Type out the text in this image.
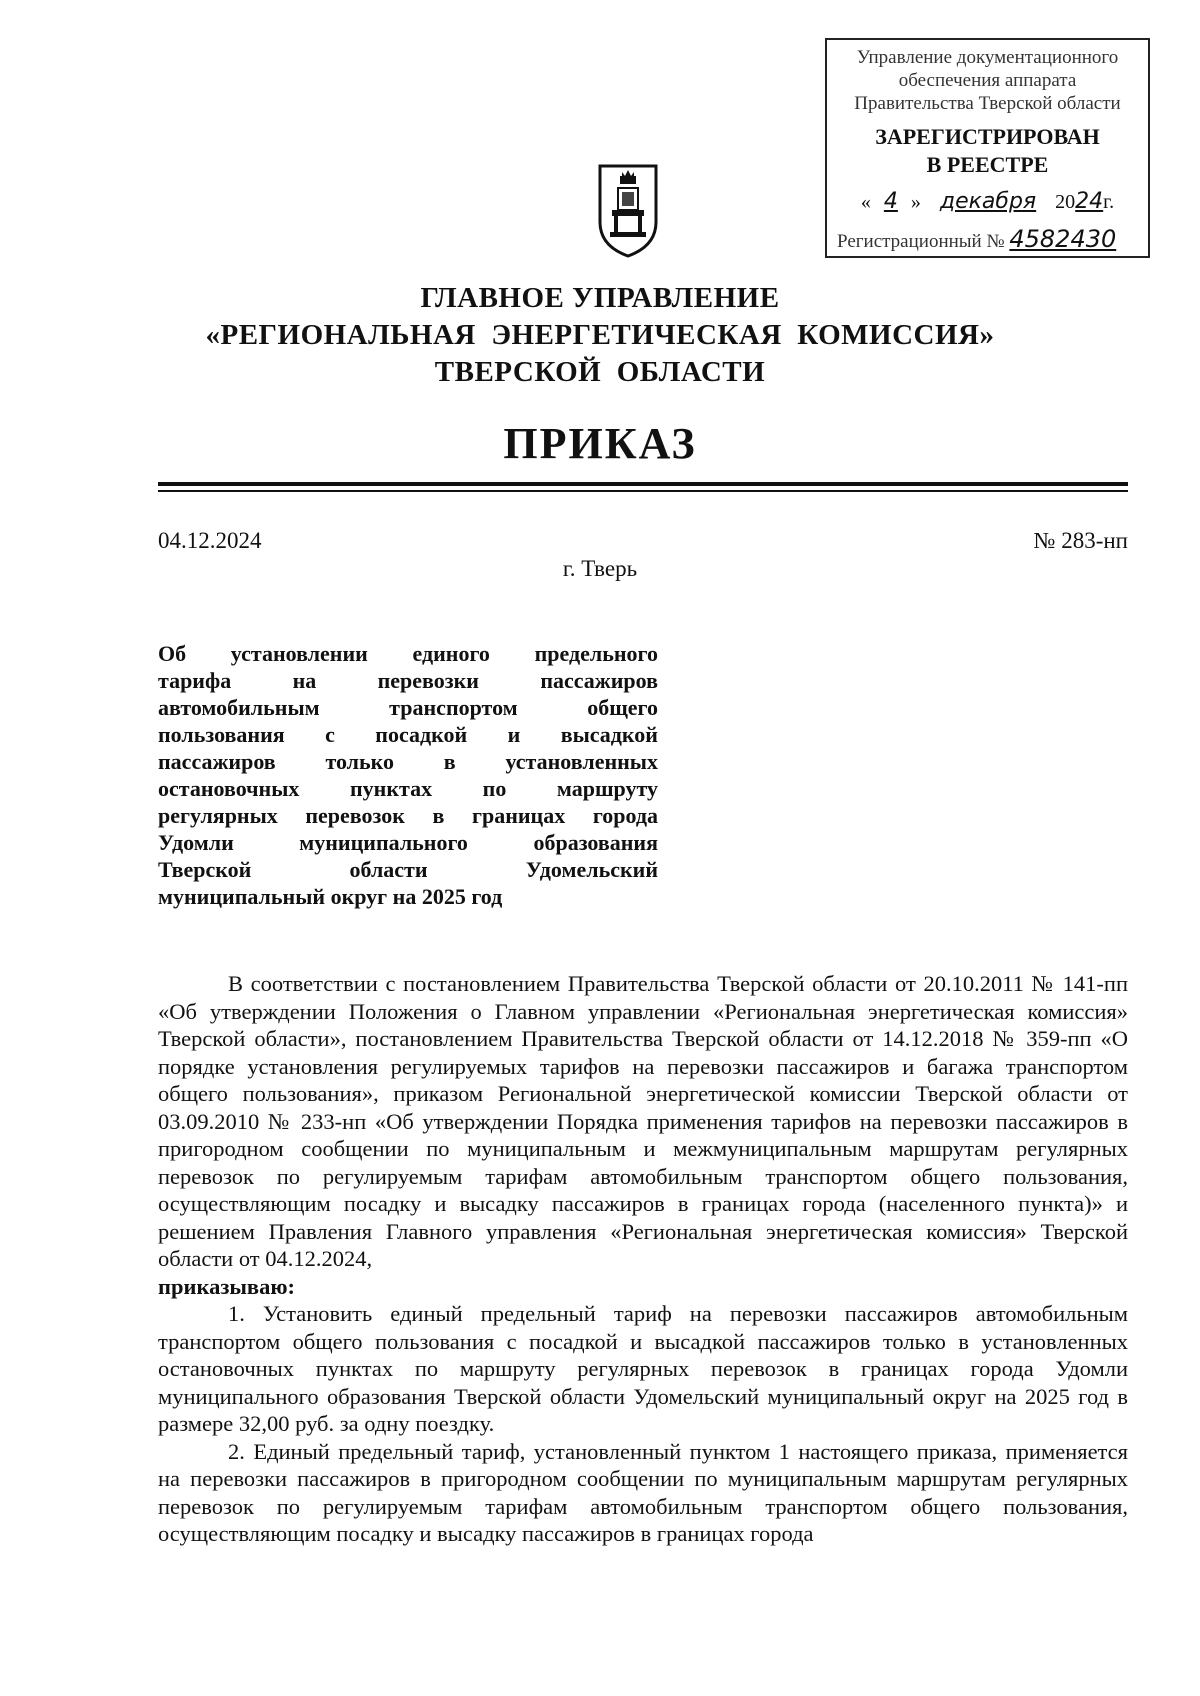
Управление документационного
обеспечения аппарата
Правительства Тверской области
ЗАРЕГИСТРИРОВАН
В РЕЕСТРЕ
« 4 » декабря 2024г.
Регистрационный № 4582430
ГЛАВНОЕ УПРАВЛЕНИЕ
«РЕГИОНАЛЬНАЯ  ЭНЕРГЕТИЧЕСКАЯ  КОМИССИЯ»
ТВЕРСКОЙ  ОБЛАСТИ
ПРИКАЗ
04.12.2024	№ 283-нп
г. Тверь
Об установлении единого предельного
тарифа на перевозки пассажиров
автомобильным транспортом общего
пользования с посадкой и высадкой
пассажиров только в установленных
остановочных пунктах по маршруту
регулярных перевозок в границах города
Удомли муниципального образования
Тверской области Удомельский
муниципальный округ на 2025 год

В соответствии с постановлением Правительства Тверской области от 20.10.2011 № 141-пп «Об утверждении Положения о Главном управлении «Региональная энергетическая комиссия» Тверской области», постановлением Правительства Тверской области от 14.12.2018 № 359-пп «О порядке установления регулируемых тарифов на перевозки пассажиров и багажа транспортом общего пользования», приказом Региональной энергетической комиссии Тверской области от 03.09.2010 № 233-нп «Об утверждении Порядка применения тарифов на перевозки пассажиров в пригородном сообщении по муниципальным и межмуниципальным маршрутам регулярных перевозок по регулируемым тарифам автомобильным транспортом общего пользования, осуществляющим посадку и высадку пассажиров в границах города (населенного пункта)» и решением Правления Главного управления «Региональная энергетическая комиссия» Тверской области от 04.12.2024,

приказываю:

1. Установить единый предельный тариф на перевозки пассажиров автомобильным транспортом общего пользования с посадкой и высадкой пассажиров только в установленных остановочных пунктах по маршруту регулярных перевозок в границах города Удомли муниципального образования Тверской области Удомельский муниципальный округ на 2025 год в размере 32,00 руб. за одну поездку.

2. Единый предельный тариф, установленный пунктом 1 настоящего приказа, применяется на перевозки пассажиров в пригородном сообщении по муниципальным маршрутам регулярных перевозок по регулируемым тарифам автомобильным транспортом общего пользования, осуществляющим посадку и высадку пассажиров в границах города
